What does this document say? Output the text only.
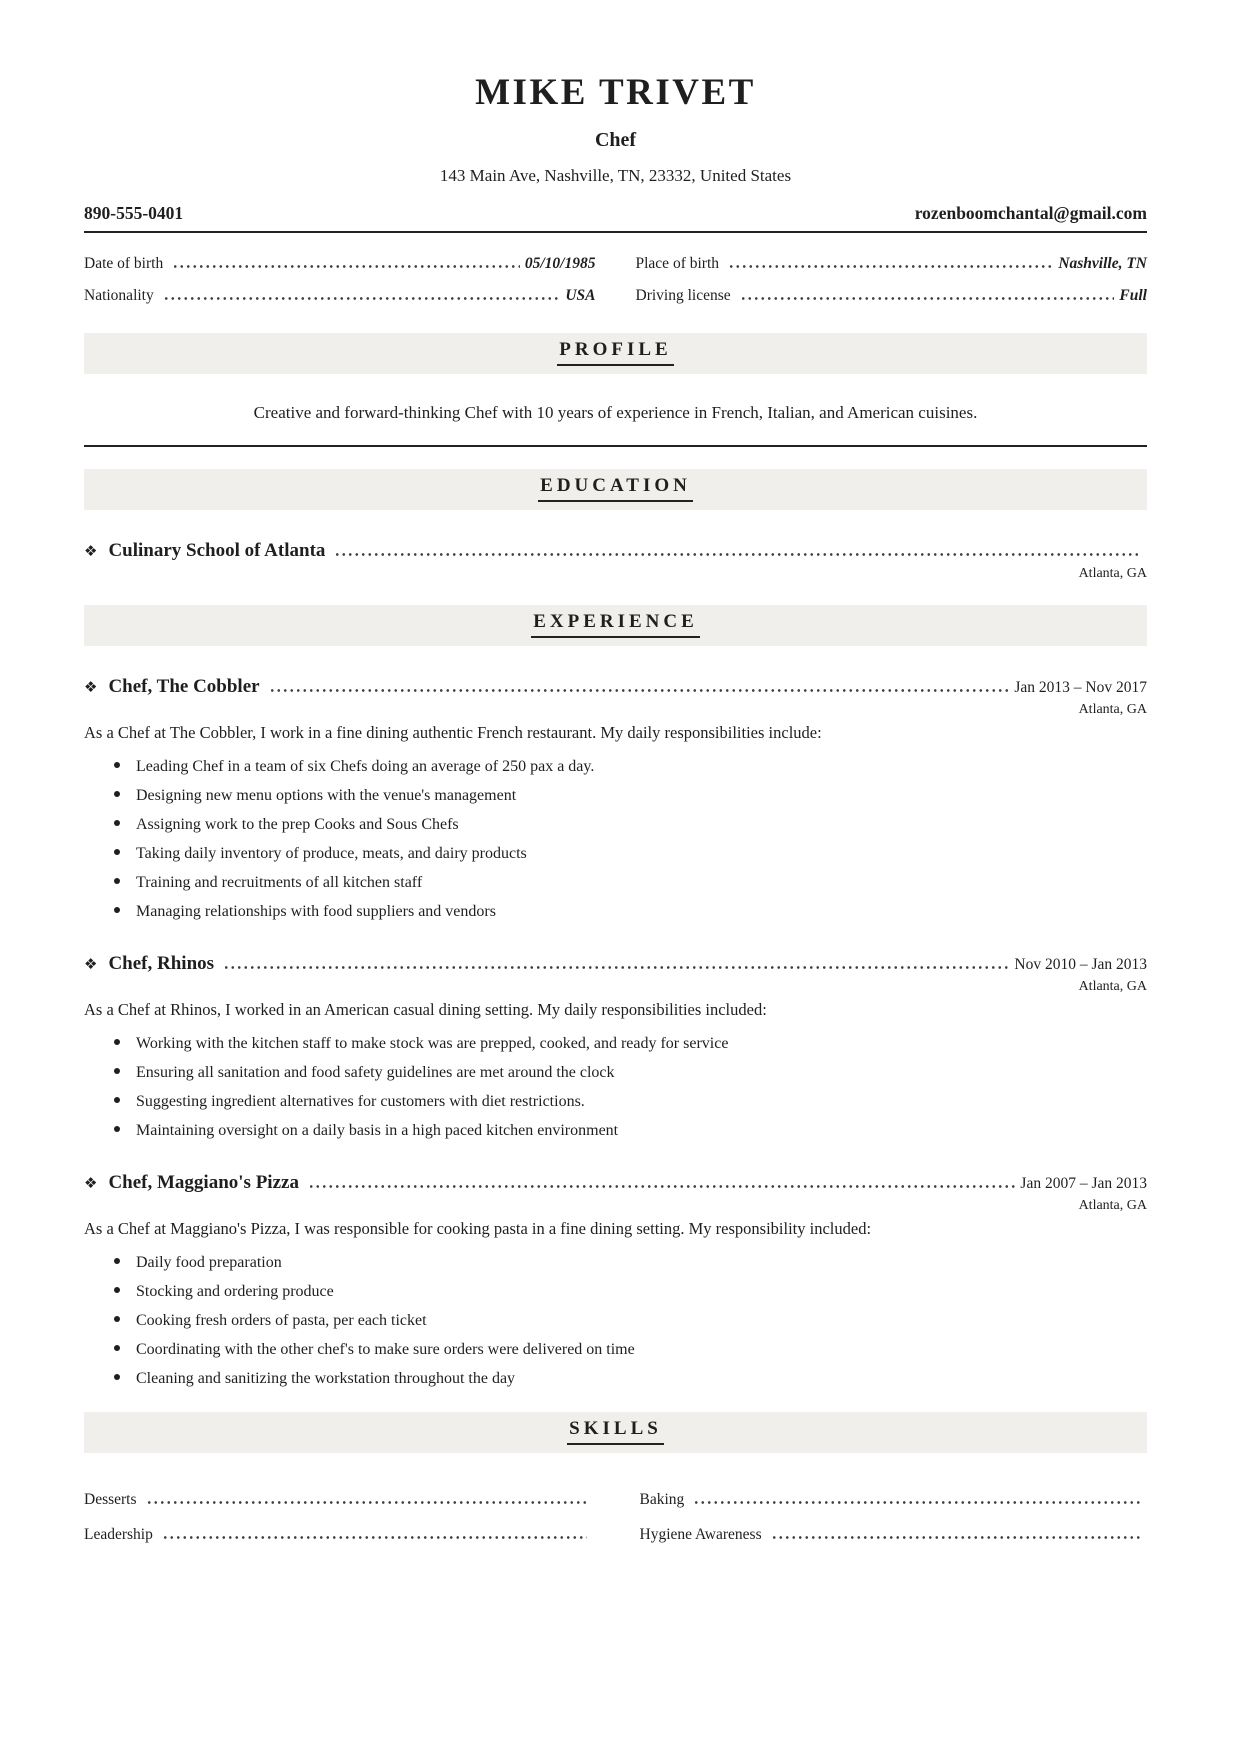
MIKE TRIVET
Chef
143 Main Ave, Nashville, TN, 23332, United States
890-555-0401	rozenboomchantal@gmail.com
Date of birth	05/10/1985	Place of birth	Nashville, TN
Nationality	USA	Driving license	Full
PROFILE

Creative and forward-thinking Chef with 10 years of experience in French, Italian, and American cuisines.

EDUCATION
❖ Culinary School of Atlanta
Atlanta, GA
EXPERIENCE
❖ Chef, The Cobbler	Jan 2013 – Nov 2017
Atlanta, GA

As a Chef at The Cobbler, I work in a fine dining authentic French restaurant. My daily responsibilities include:

Leading Chef in a team of six Chefs doing an average of 250 pax a day.
Designing new menu options with the venue's management
Assigning work to the prep Cooks and Sous Chefs
Taking daily inventory of produce, meats, and dairy products
Training and recruitments of all kitchen staff
Managing relationships with food suppliers and vendors
❖ Chef, Rhinos	Nov 2010 – Jan 2013
Atlanta, GA

As a Chef at Rhinos, I worked in an American casual dining setting. My daily responsibilities included:

Working with the kitchen staff to make stock was are prepped, cooked, and ready for service
Ensuring all sanitation and food safety guidelines are met around the clock
Suggesting ingredient alternatives for customers with diet restrictions.
Maintaining oversight on a daily basis in a high paced kitchen environment
❖ Chef, Maggiano's Pizza	Jan 2007 – Jan 2013
Atlanta, GA

As a Chef at Maggiano's Pizza, I was responsible for cooking pasta in a fine dining setting. My responsibility included:

Daily food preparation
Stocking and ordering produce
Cooking fresh orders of pasta, per each ticket
Coordinating with the other chef's to make sure orders were delivered on time
Cleaning and sanitizing the workstation throughout the day
SKILLS
Desserts	Baking
Leadership	Hygiene Awareness
